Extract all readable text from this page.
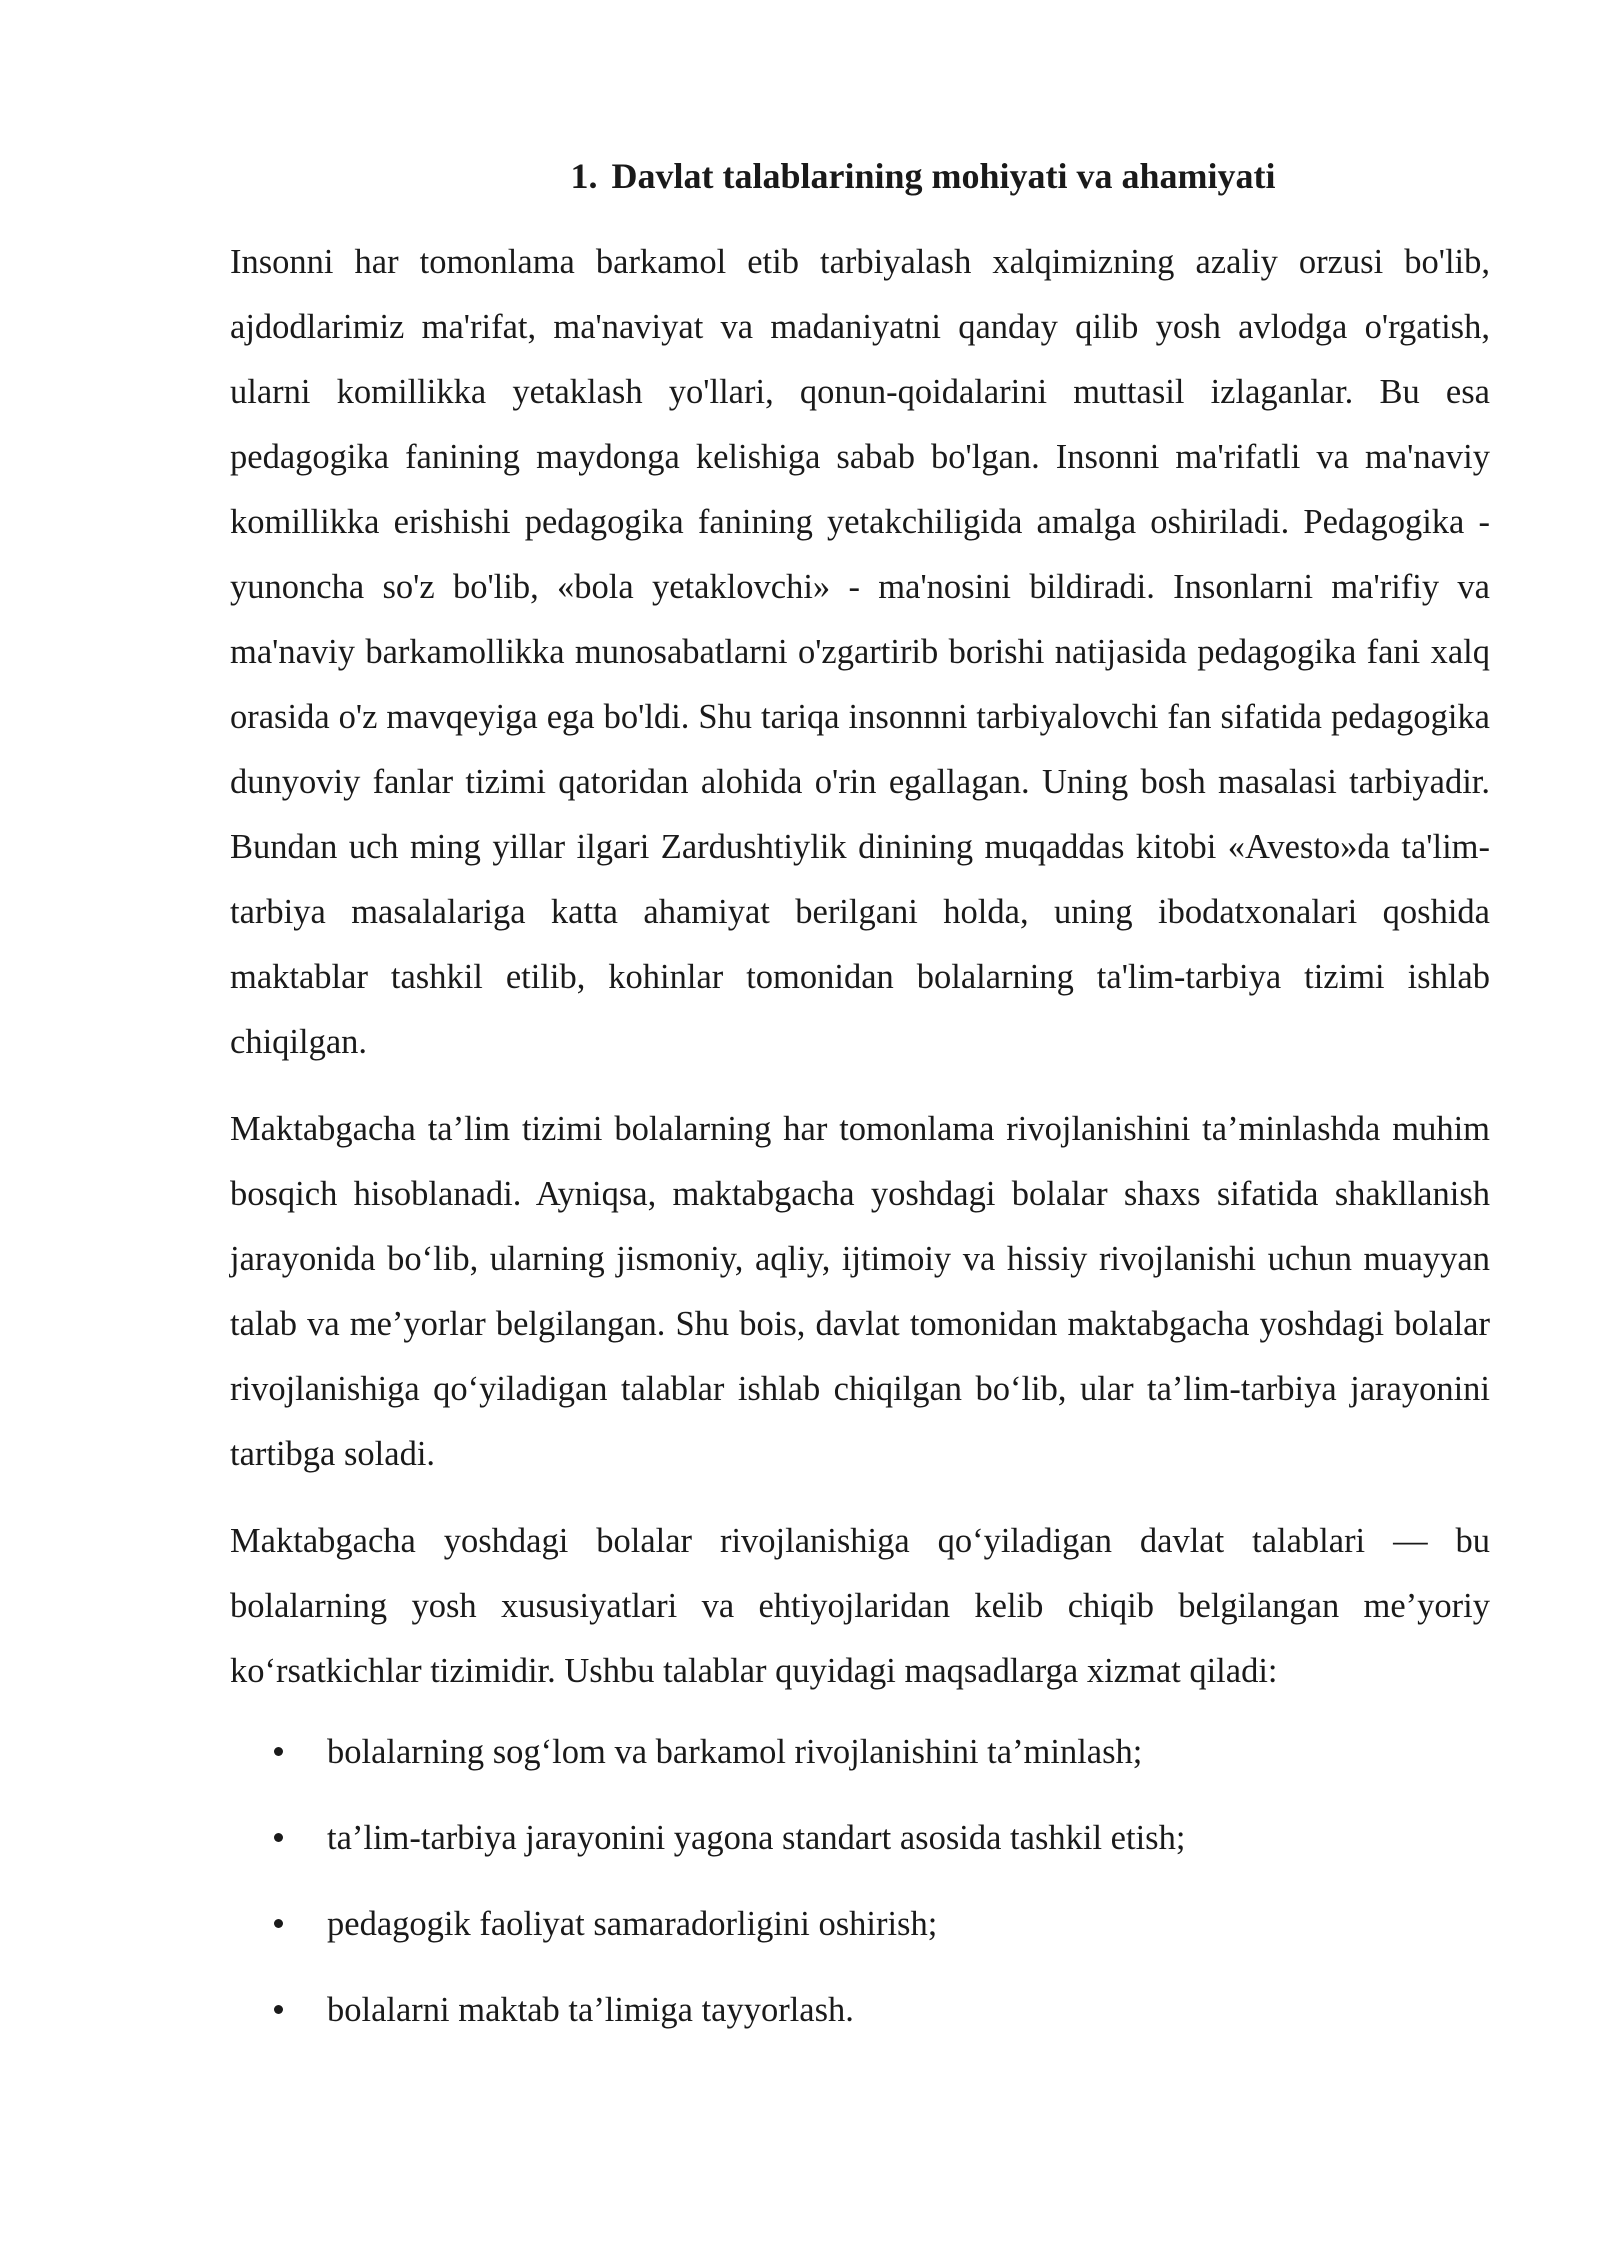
1. Davlat talablarining mohiyati va ahamiyati

Insonni har tomonlama barkamol etib tarbiyalash xalqimizning azaliy orzusi bo'lib, ajdodlarimiz ma'rifat, ma'naviyat va madaniyatni qanday qilib yosh avlodga o'rgatish, ularni komillikka yetaklash yo'llari, qonun-qoidalarini muttasil izlaganlar. Bu esa pedagogika fanining maydonga kelishiga sabab bo'lgan. Insonni ma'rifatli va ma'naviy komillikka erishishi pedagogika fanining yetakchiligida amalga oshiriladi. Pedagogika - yunoncha so'z bo'lib, «bola yetaklovchi» - ma'nosini bildiradi. Insonlarni ma'rifiy va ma'naviy barkamollikka munosabatlarni o'zgartirib borishi natijasida pedagogika fani xalq orasida o'z mavqeyiga ega bo'ldi. Shu tariqa insonnni tarbiyalovchi fan sifatida pedagogika dunyoviy fanlar tizimi qatoridan alohida o'rin egallagan. Uning bosh masalasi tarbiyadir. Bundan uch ming yillar ilgari Zardushtiylik dinining muqaddas kitobi «Avesto»da ta'lim-tarbiya masalalariga katta ahamiyat berilgani holda, uning ibodatxonalari qoshida maktablar tashkil etilib, kohinlar tomonidan bolalarning ta'lim-tarbiya tizimi ishlab chiqilgan.

Maktabgacha ta’lim tizimi bolalarning har tomonlama rivojlanishini ta’minlashda muhim bosqich hisoblanadi. Ayniqsa, maktabgacha yoshdagi bolalar shaxs sifatida shakllanish jarayonida bo‘lib, ularning jismoniy, aqliy, ijtimoiy va hissiy rivojlanishi uchun muayyan talab va me’yorlar belgilangan. Shu bois, davlat tomonidan maktabgacha yoshdagi bolalar rivojlanishiga qo‘yiladigan talablar ishlab chiqilgan bo‘lib, ular ta’lim-tarbiya jarayonini tartibga soladi.

Maktabgacha yoshdagi bolalar rivojlanishiga qo‘yiladigan davlat talablari — bu bolalarning yosh xususiyatlari va ehtiyojlaridan kelib chiqib belgilangan me’yoriy ko‘rsatkichlar tizimidir. Ushbu talablar quyidagi maqsadlarga xizmat qiladi:

bolalarning sog‘lom va barkamol rivojlanishini ta’minlash;
ta’lim-tarbiya jarayonini yagona standart asosida tashkil etish;
pedagogik faoliyat samaradorligini oshirish;
bolalarni maktab ta’limiga tayyorlash.
